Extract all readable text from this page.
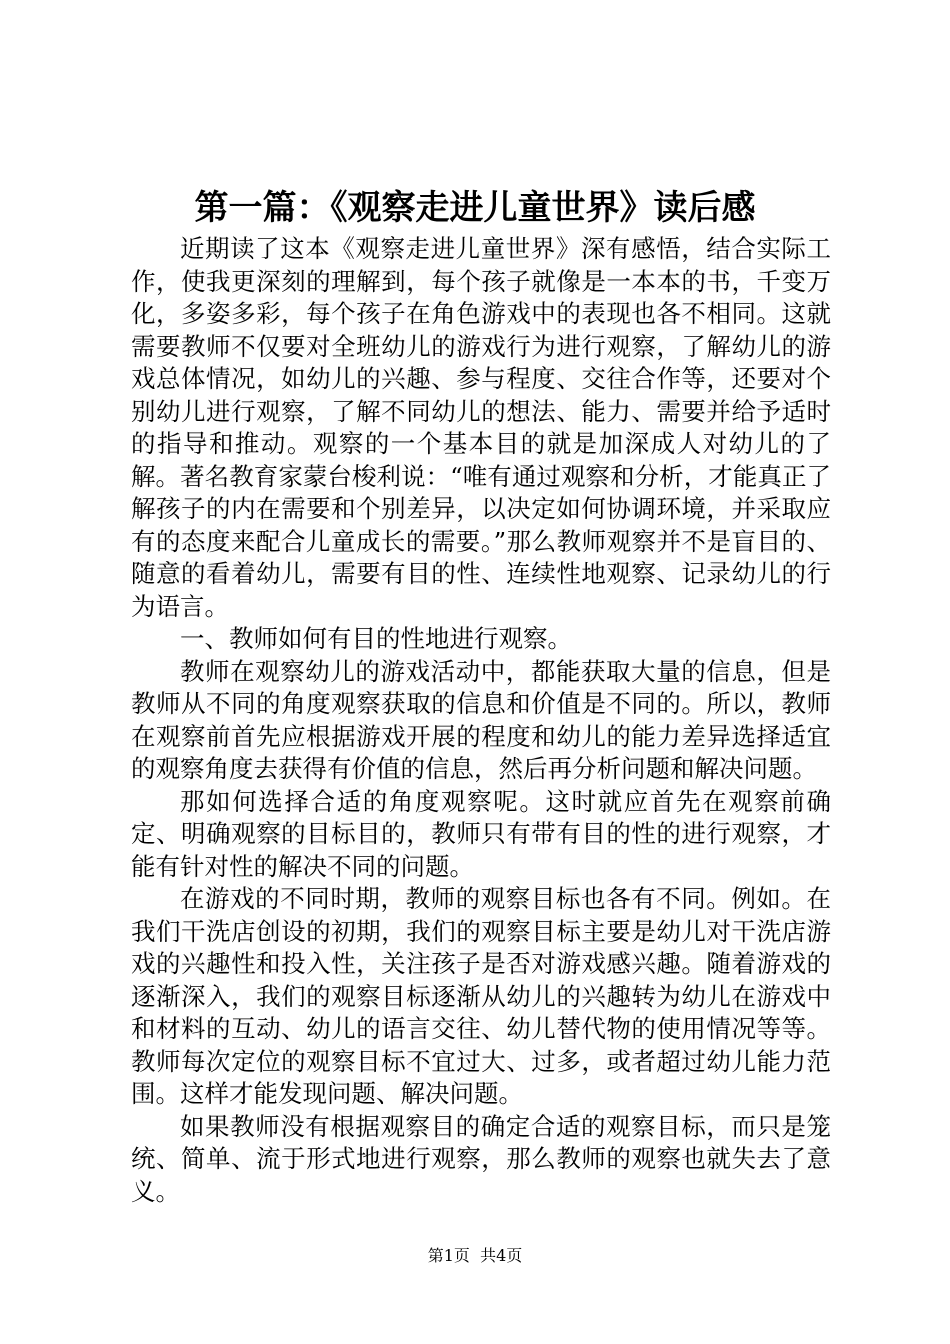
第一篇：《观察走进儿童世界》读后感

近期读了这本《观察走进儿童世界》深有感悟，结合实际工作，使我更深刻的理解到，每个孩子就像是一本本的书，千变万化，多姿多彩，每个孩子在角色游戏中的表现也各不相同。这就需要教师不仅要对全班幼儿的游戏行为进行观察，了解幼儿的游戏总体情况，如幼儿的兴趣、参与程度、交往合作等，还要对个别幼儿进行观察，了解不同幼儿的想法、能力、需要并给予适时的指导和推动。观察的一个基本目的就是加深成人对幼儿的了解。著名教育家蒙台梭利说：“唯有通过观察和分析，才能真正了解孩子的内在需要和个别差异，以决定如何协调环境，并采取应有的态度来配合儿童成长的需要。”那么教师观察并不是盲目的、随意的看着幼儿，需要有目的性、连续性地观察、记录幼儿的行为语言。

一、教师如何有目的性地进行观察。

教师在观察幼儿的游戏活动中，都能获取大量的信息，但是教师从不同的角度观察获取的信息和价值是不同的。所以，教师在观察前首先应根据游戏开展的程度和幼儿的能力差异选择适宜的观察角度去获得有价值的信息，然后再分析问题和解决问题。

那如何选择合适的角度观察呢。这时就应首先在观察前确定、明确观察的目标目的，教师只有带有目的性的进行观察，才能有针对性的解决不同的问题。

在游戏的不同时期，教师的观察目标也各有不同。例如。在我们干洗店创设的初期，我们的观察目标主要是幼儿对干洗店游戏的兴趣性和投入性，关注孩子是否对游戏感兴趣。随着游戏的逐渐深入，我们的观察目标逐渐从幼儿的兴趣转为幼儿在游戏中和材料的互动、幼儿的语言交往、幼儿替代物的使用情况等等。教师每次定位的观察目标不宜过大、过多，或者超过幼儿能力范围。这样才能发现问题、解决问题。

如果教师没有根据观察目的确定合适的观察目标，而只是笼统、简单、流于形式地进行观察，那么教师的观察也就失去了意义。

第1页 共4页
